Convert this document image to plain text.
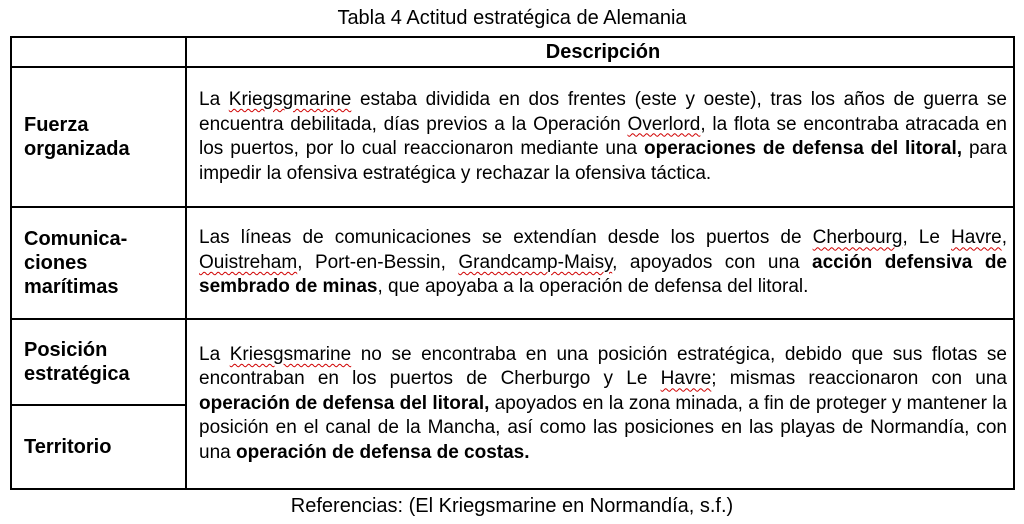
Tabla 4 Actitud estratégica de Alemania
	Descripción
Fuerza organizada	La Kriegsgmarine estaba dividida en dos frentes (este y oeste), tras los años de guerra se encuentra debilitada, días previos a la Operación Overlord, la flota se encontraba atracada en los puertos, por lo cual reaccionaron mediante una operaciones de defensa del litoral, para impedir la ofensiva estratégica y rechazar la ofensiva táctica.
Comunica-ciones marítimas	Las líneas de comunicaciones se extendían desde los puertos de Cherbourg, Le Havre, Ouistreham, Port-en-Bessin, Grandcamp-Maisy, apoyados con una acción defensiva de sembrado de minas, que apoyaba a la operación de defensa del litoral.
Posición estratégica	La Kriesgsmarine no se encontraba en una posición estratégica, debido que sus flotas se encontraban en los puertos de Cherburgo y Le Havre; mismas reaccionaron con una operación de defensa del litoral, apoyados en la zona minada, a fin de proteger y mantener la posición en el canal de la Mancha, así como las posiciones en las playas de Normandía, con una operación de defensa de costas.
Territorio	
Referencias: (El Kriegsmarine en Normandía, s.f.)
